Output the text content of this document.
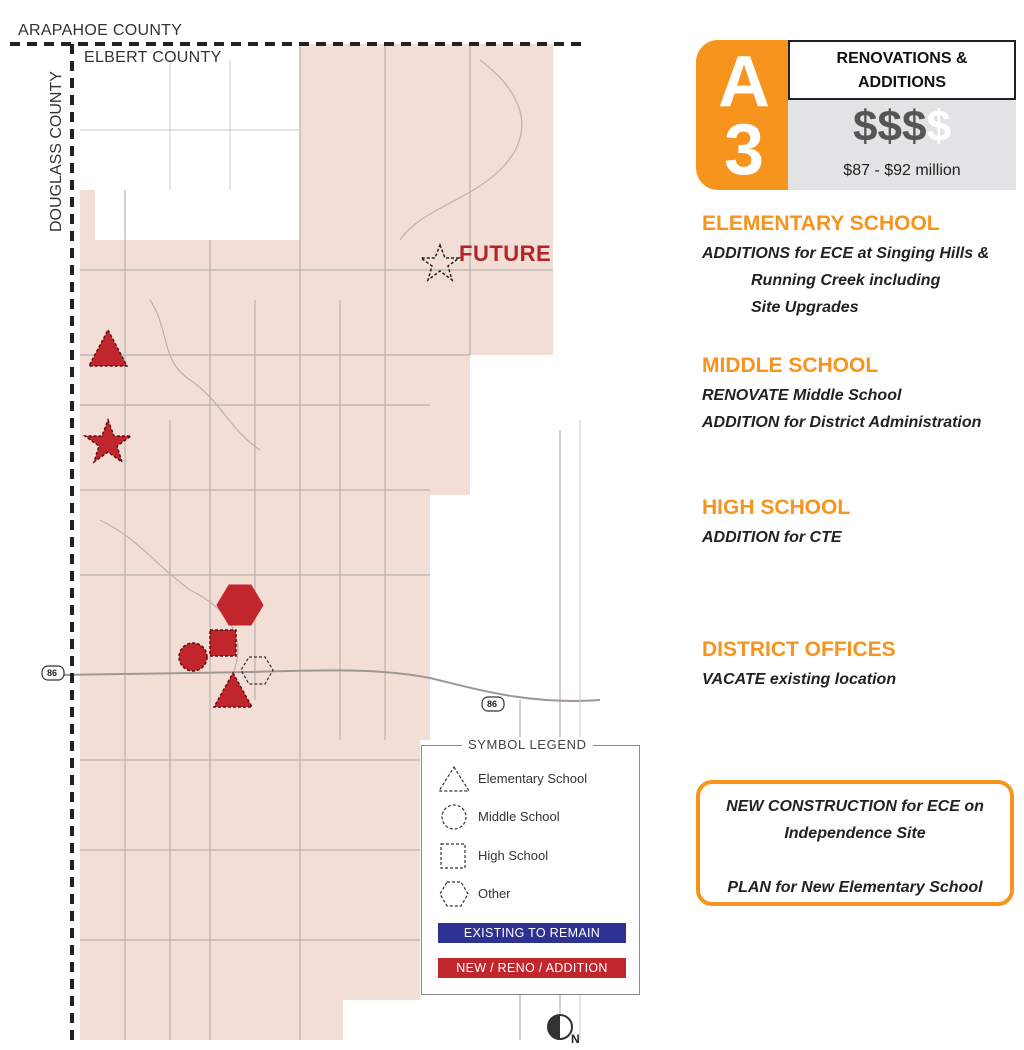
ARAPAHOE COUNTY
ELBERT COUNTY
DOUGLASS COUNTY
FUTURE
86
86
N
SYMBOL LEGEND
Elementary School
Middle School
High School
Other
EXISTING TO REMAIN
NEW / RENO / ADDITION
A
3
RENOVATIONS &
ADDITIONS
$$$$
$87 - $92 million
ELEMENTARY SCHOOL
ADDITIONS for ECE at Singing Hills &
Running Creek including
Site Upgrades
MIDDLE SCHOOL
RENOVATE Middle School
ADDITION for District Administration
HIGH SCHOOL
ADDITION for CTE
DISTRICT OFFICES
VACATE existing location
NEW CONSTRUCTION for ECE on
Independence Site
PLAN for New Elementary School
